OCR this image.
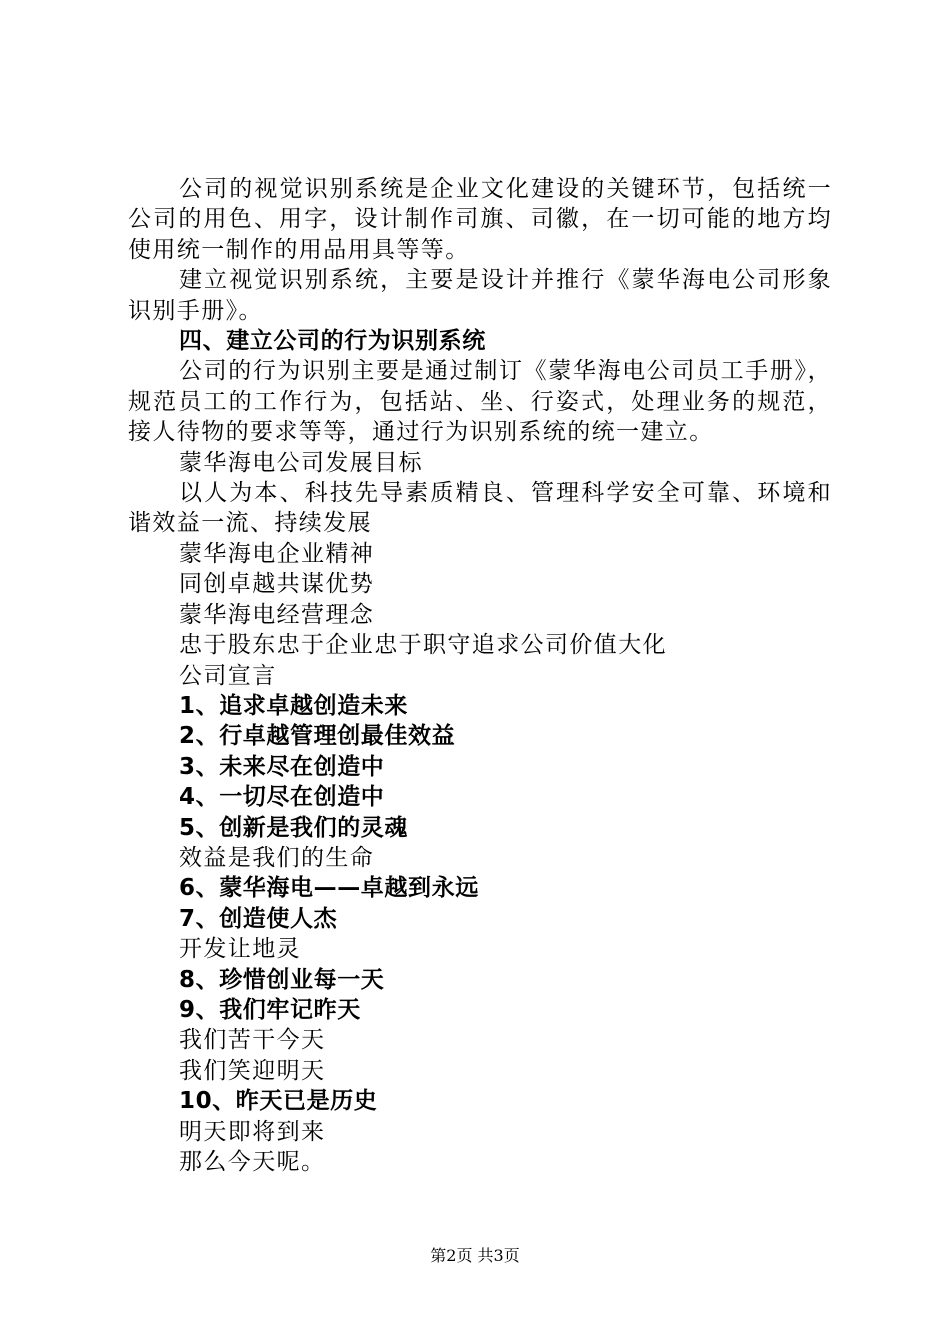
公司的视觉识别系统是企业文化建设的关键环节，包括统一公司的用色、用字，设计制作司旗、司徽，在一切可能的地方均使用统一制作的用品用具等等。

建立视觉识别系统，主要是设计并推行《蒙华海电公司形象识别手册》。

四、建立公司的行为识别系统

公司的行为识别主要是通过制订《蒙华海电公司员工手册》，规范员工的工作行为，包括站、坐、行姿式，处理业务的规范，接人待物的要求等等，通过行为识别系统的统一建立。

蒙华海电公司发展目标

以人为本、科技先导素质精良、管理科学安全可靠、环境和谐效益一流、持续发展

蒙华海电企业精神

同创卓越共谋优势

蒙华海电经营理念

忠于股东忠于企业忠于职守追求公司价值大化

公司宣言

1、追求卓越创造未来

2、行卓越管理创最佳效益

3、未来尽在创造中

4、一切尽在创造中

5、创新是我们的灵魂

效益是我们的生命

6、蒙华海电——卓越到永远

7、创造使人杰

开发让地灵

8、珍惜创业每一天

9、我们牢记昨天

我们苦干今天

我们笑迎明天

10、昨天已是历史

明天即将到来

那么今天呢。

第2页 共3页
